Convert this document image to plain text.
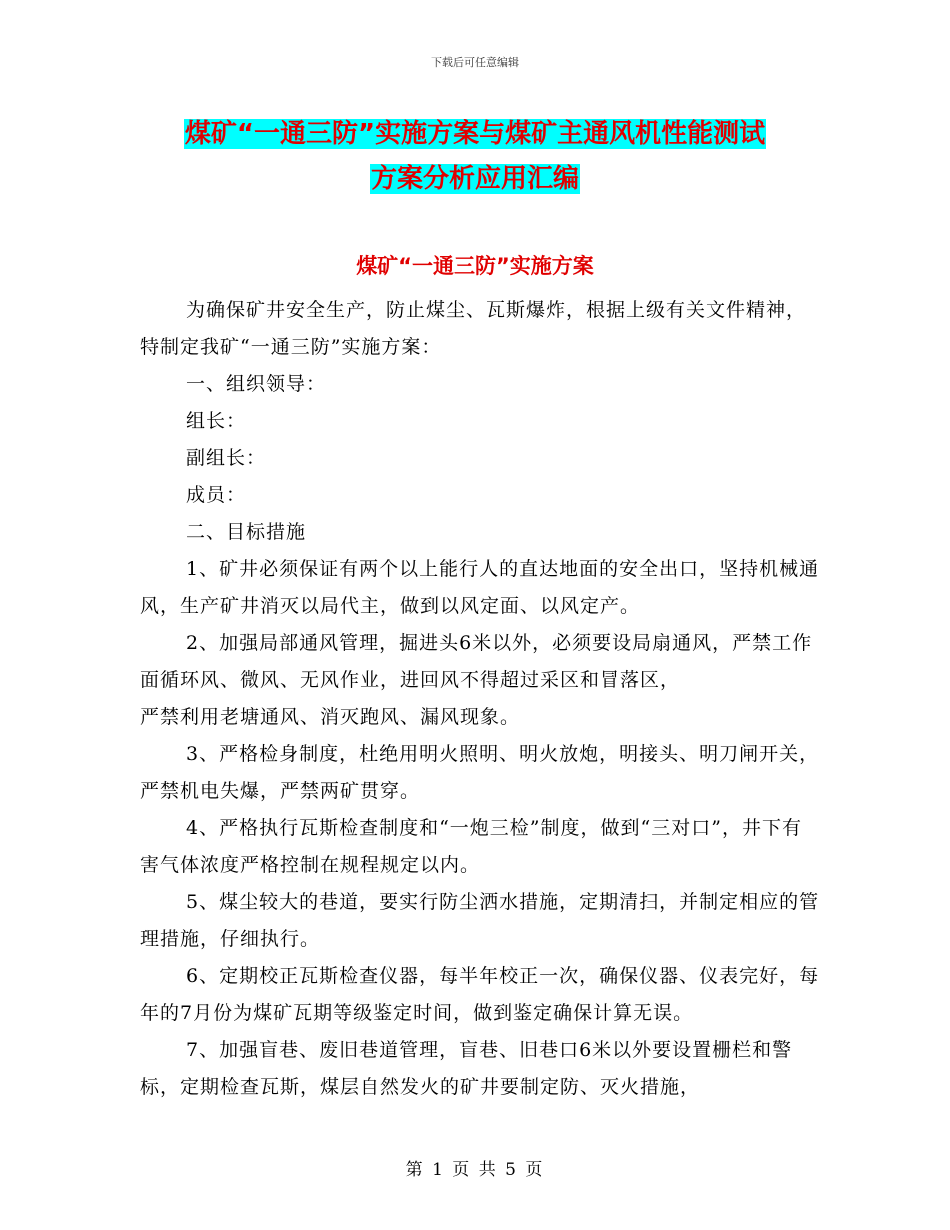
下载后可任意编辑
煤矿“一通三防”实施方案与煤矿主通风机性能测试
方案分析应用汇编
煤矿“一通三防”实施方案

为确保矿井安全生产，防止煤尘、瓦斯爆炸，根据上级有关文件精神，特制定我矿“一通三防”实施方案：

一、组织领导：

组长：

副组长：

成员：

二、目标措施

1、矿井必须保证有两个以上能行人的直达地面的安全出口，坚持机械通风，生产矿井消灭以局代主，做到以风定面、以风定产。

2、加强局部通风管理，掘进头6米以外，必须要设局扇通风，严禁工作面循环风、微风、无风作业，进回风不得超过采区和冒落区，

严禁利用老塘通风、消灭跑风、漏风现象。

3、严格检身制度，杜绝用明火照明、明火放炮，明接头、明刀闸开关，严禁机电失爆，严禁两矿贯穿。

4、严格执行瓦斯检查制度和“一炮三检”制度，做到“三对口”，井下有害气体浓度严格控制在规程规定以内。

5、煤尘较大的巷道，要实行防尘洒水措施，定期清扫，并制定相应的管理措施，仔细执行。

6、定期校正瓦斯检查仪器，每半年校正一次，确保仪器、仪表完好，每年的7月份为煤矿瓦期等级鉴定时间，做到鉴定确保计算无误。

7、加强盲巷、废旧巷道管理，盲巷、旧巷口6米以外要设置栅栏和警标，定期检查瓦斯，煤层自然发火的矿井要制定防、灭火措施，

第 1 页 共 5 页
